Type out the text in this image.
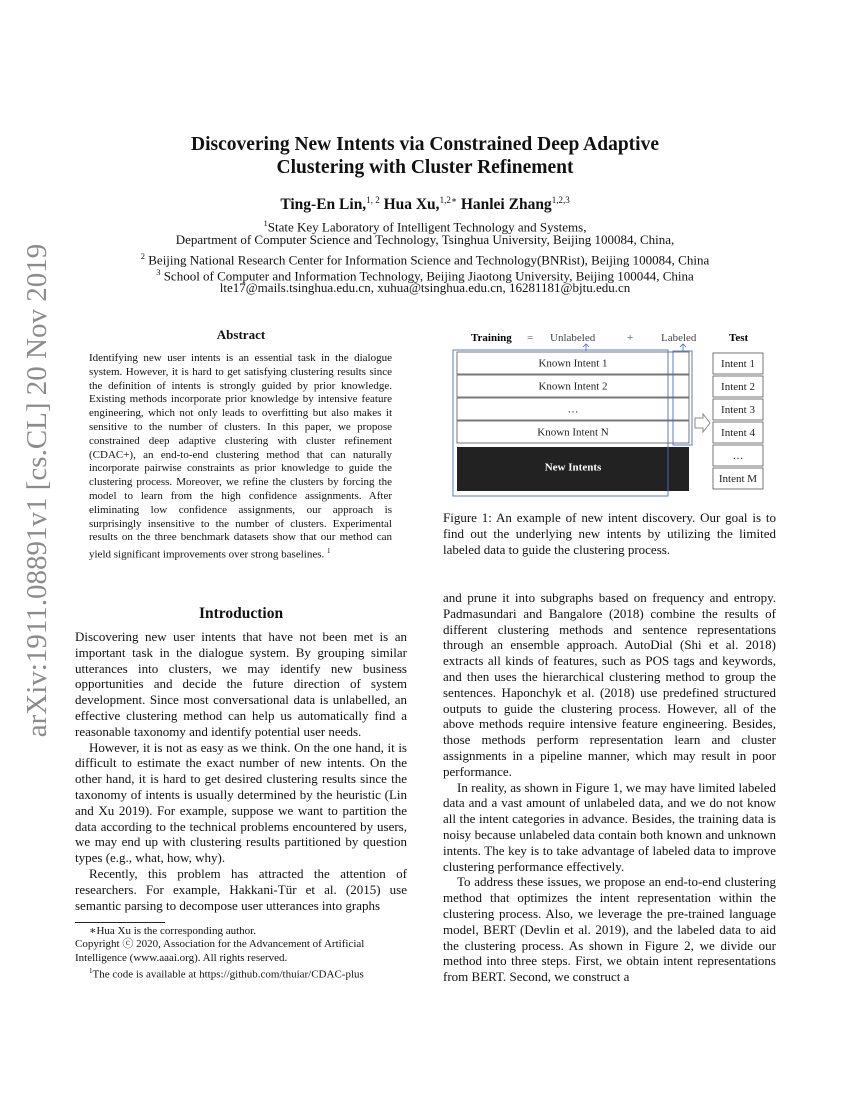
arXiv:1911.08891v1 [cs.CL] 20 Nov 2019
Discovering New Intents via Constrained Deep Adaptive
Clustering with Cluster Refinement
Ting-En Lin,$^{1, 2}$ Hua Xu,$^{1,2∗}$ Hanlei Zhang$^{1,2,3}$
$^1$State Key Laboratory of Intelligent Technology and Systems,
Department of Computer Science and Technology, Tsinghua University, Beijing 100084, China,
$^2$ Beijing National Research Center for Information Science and Technology(BNRist), Beijing 100084, China
$^3$ School of Computer and Information Technology, Beijing Jiaotong University, Beijing 100044, China
lte17@mails.tsinghua.edu.cn, xuhua@tsinghua.edu.cn, 16281181@bjtu.edu.cn
Abstract

Identifying new user intents is an essential task in the dialogue system. However, it is hard to get satisfying clustering results since the definition of intents is strongly guided by prior knowledge. Existing methods incorporate prior knowledge by intensive feature engineering, which not only leads to overfitting but also makes it sensitive to the number of clusters. In this paper, we propose constrained deep adaptive clustering with cluster refinement (CDAC+), an end-to-end clustering method that can naturally incorporate pairwise constraints as prior knowledge to guide the clustering process. Moreover, we refine the clusters by forcing the model to learn from the high confidence assignments. After eliminating low confidence assignments, our approach is surprisingly insensitive to the number of clusters. Experimental results on the three benchmark datasets show that our method can yield significant improvements over strong baselines. $^1$

Introduction

Discovering new user intents that have not been met is an important task in the dialogue system. By grouping similar utterances into clusters, we may identify new business opportunities and decide the future direction of system development. Since most conversational data is unlabelled, an effective clustering method can help us automatically find a reasonable taxonomy and identify potential user needs.

However, it is not as easy as we think. On the one hand, it is difficult to estimate the exact number of new intents. On the other hand, it is hard to get desired clustering results since the taxonomy of intents is usually determined by the heuristic (Lin and Xu 2019). For example, suppose we want to partition the data according to the technical problems encountered by users, we may end up with clustering results partitioned by question types (e.g., what, how, why).

Recently, this problem has attracted the attention of researchers. For example, Hakkani-Tür et al. (2015) use semantic parsing to decompose user utterances into graphs

∗Hua Xu is the corresponding author.

Copyright ⓒ 2020, Association for the Advancement of Artificial Intelligence (www.aaai.org). All rights reserved.

$^1$The code is available at https://github.com/thuiar/CDAC-plus

Training = Unlabeled	+	Labeled	Test
Known Intent 1
Known Intent 2
…
Known Intent N
New Intents
Intent 1
Intent 2
Intent 3
Intent 4
…
Intent M

Figure 1: An example of new intent discovery. Our goal is to find out the underlying new intents by utilizing the limited labeled data to guide the clustering process.

and prune it into subgraphs based on frequency and entropy. Padmasundari and Bangalore (2018) combine the results of different clustering methods and sentence representations through an ensemble approach. AutoDial (Shi et al. 2018) extracts all kinds of features, such as POS tags and keywords, and then uses the hierarchical clustering method to group the sentences. Haponchyk et al. (2018) use predefined structured outputs to guide the clustering process. However, all of the above methods require intensive feature engineering. Besides, those methods perform representation learn and cluster assignments in a pipeline manner, which may result in poor performance.

In reality, as shown in Figure 1, we may have limited labeled data and a vast amount of unlabeled data, and we do not know all the intent categories in advance. Besides, the training data is noisy because unlabeled data contain both known and unknown intents. The key is to take advantage of labeled data to improve clustering performance effectively.

To address these issues, we propose an end-to-end clustering method that optimizes the intent representation within the clustering process. Also, we leverage the pre-trained language model, BERT (Devlin et al. 2019), and the labeled data to aid the clustering process. As shown in Figure 2, we divide our method into three steps. First, we obtain intent representations from BERT. Second, we construct a
